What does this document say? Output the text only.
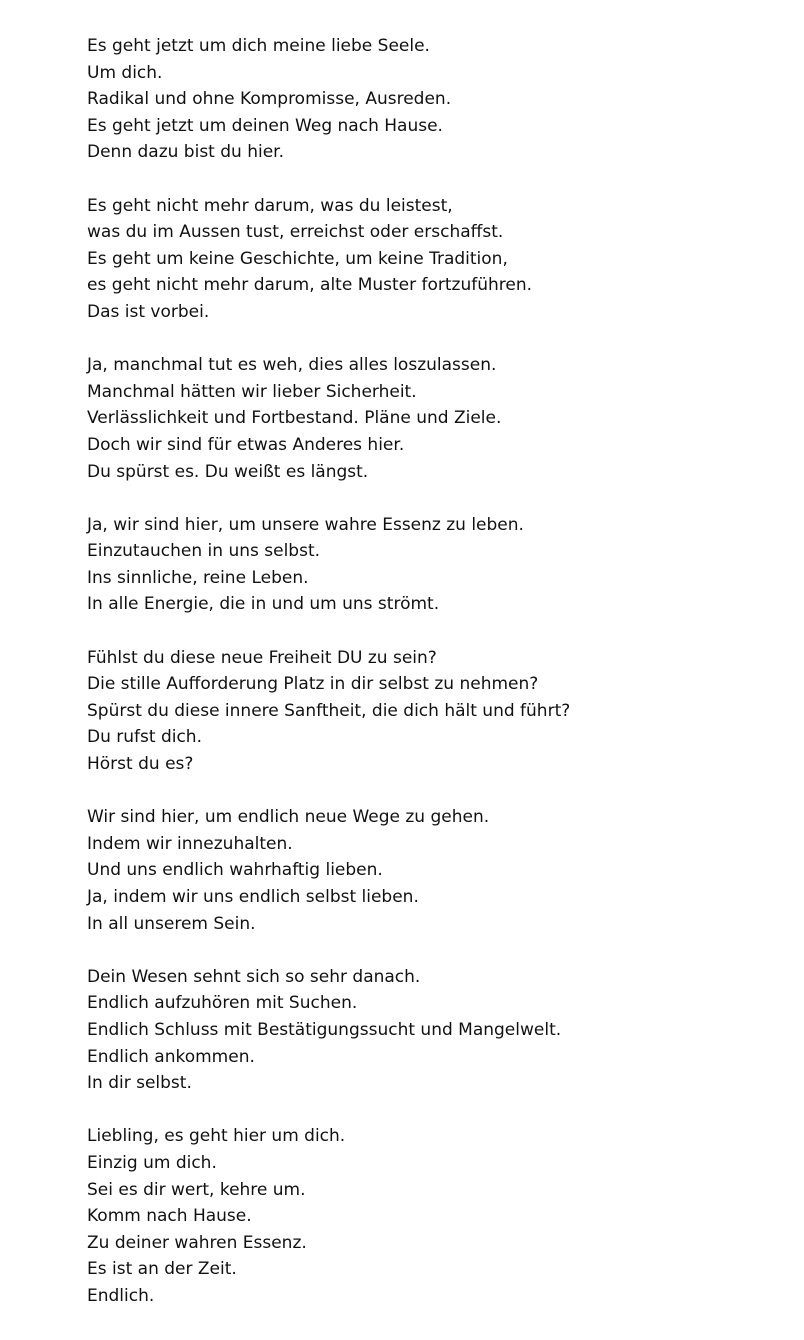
Es geht jetzt um dich meine liebe Seele.
Um dich.
Radikal und ohne Kompromisse, Ausreden.
Es geht jetzt um deinen Weg nach Hause.
Denn dazu bist du hier.
Es geht nicht mehr darum, was du leistest,
was du im Aussen tust, erreichst oder erschaffst.
Es geht um keine Geschichte, um keine Tradition,
es geht nicht mehr darum, alte Muster fortzuführen.
Das ist vorbei.
Ja, manchmal tut es weh, dies alles loszulassen.
Manchmal hätten wir lieber Sicherheit.
Verlässlichkeit und Fortbestand. Pläne und Ziele.
Doch wir sind für etwas Anderes hier.
Du spürst es. Du weißt es längst.
Ja, wir sind hier, um unsere wahre Essenz zu leben.
Einzutauchen in uns selbst.
Ins sinnliche, reine Leben.
In alle Energie, die in und um uns strömt.
Fühlst du diese neue Freiheit DU zu sein?
Die stille Aufforderung Platz in dir selbst zu nehmen?
Spürst du diese innere Sanftheit, die dich hält und führt?
Du rufst dich.
Hörst du es?
Wir sind hier, um endlich neue Wege zu gehen.
Indem wir innezuhalten.
Und uns endlich wahrhaftig lieben.
Ja, indem wir uns endlich selbst lieben.
In all unserem Sein.
Dein Wesen sehnt sich so sehr danach.
Endlich aufzuhören mit Suchen.
Endlich Schluss mit Bestätigungssucht und Mangelwelt.
Endlich ankommen.
In dir selbst.
Liebling, es geht hier um dich.
Einzig um dich.
Sei es dir wert, kehre um.
Komm nach Hause.
Zu deiner wahren Essenz.
Es ist an der Zeit.
Endlich.
